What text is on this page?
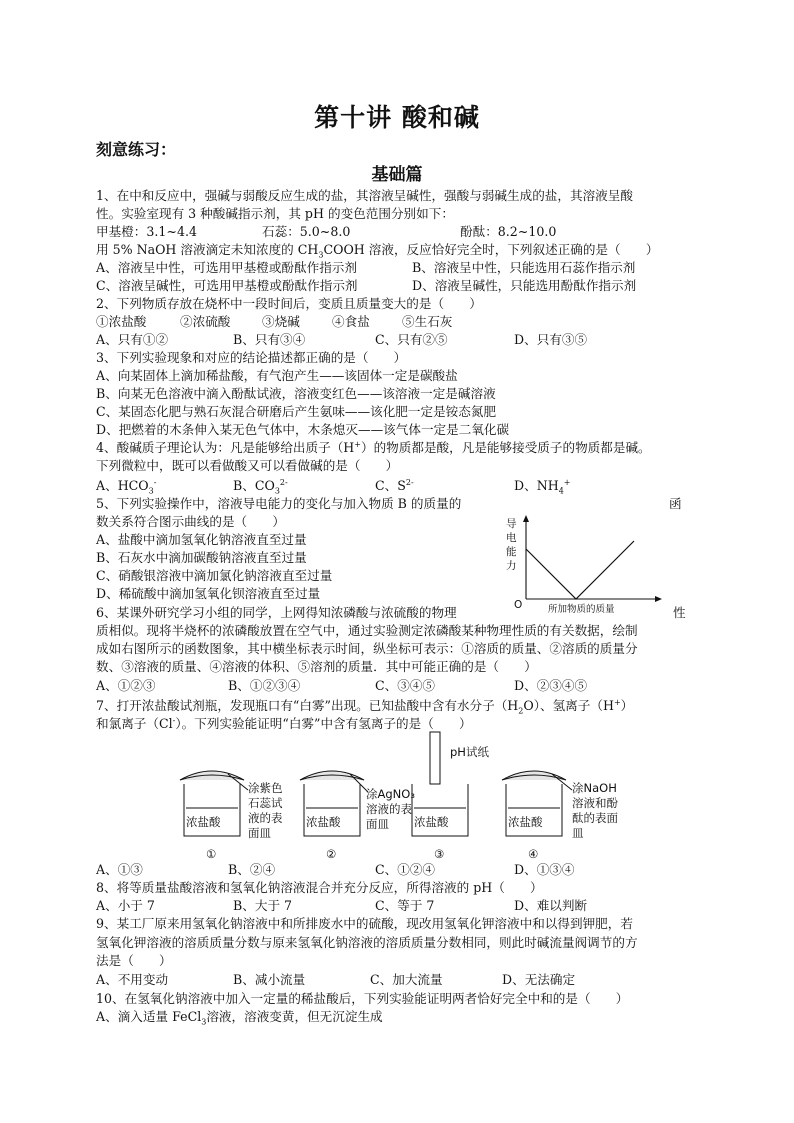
第十讲 酸和碱
刻意练习：
基础篇
1、在中和反应中，强碱与弱酸反应生成的盐，其溶液呈碱性，强酸与弱碱生成的盐，其溶液呈酸
性。实验室现有 3 种酸碱指示剂，其 pH 的变色范围分别如下：
甲基橙：3.1~4.4	石蕊：5.0~8.0	酚酞：8.2~10.0
用 5% NaOH 溶液滴定未知浓度的 $CH_3COOH$ 溶液，反应恰好完全时，下列叙述正确的是（　　）
A、溶液呈中性，可选用甲基橙或酚酞作指示剂	B、溶液呈中性，只能选用石蕊作指示剂
C、溶液呈碱性，可选用甲基橙或酚酞作指示剂	D、溶液呈碱性，只能选用酚酞作指示剂
2、下列物质存放在烧杯中一段时间后，变质且质量变大的是（　　）
①浓盐酸	②浓硫酸	③烧碱	④食盐	⑤生石灰
A、只有①②	B、只有③④	C、只有②⑤	D、只有③⑤
3、下列实验现象和对应的结论描述都正确的是（　　）
A、向某固体上滴加稀盐酸，有气泡产生——该固体一定是碳酸盐
B、向某无色溶液中滴入酚酞试液，溶液变红色——该溶液一定是碱溶液
C、某固态化肥与熟石灰混合研磨后产生氨味——该化肥一定是铵态氮肥
D、把燃着的木条伸入某无色气体中，木条熄灭——该气体一定是二氧化碳
4、酸碱质子理论认为：凡是能够给出质子（H+）的物质都是酸，凡是能够接受质子的物质都是碱。
下列微粒中，既可以看做酸又可以看做碱的是（　　）
A、$HCO_3^-$	B、$CO_3^{2-}$	C、$S^{2-}$	D、$NH_4^+$
5、下列实验操作中，溶液导电能力的变化与加入物质 B 的质量的	函
数关系符合图示曲线的是（　　）
A、盐酸中滴加氢氧化钠溶液直至过量
B、石灰水中滴加碳酸钠溶液直至过量
C、硝酸银溶液中滴加氯化钠溶液直至过量
D、稀硫酸中滴加氢氧化钡溶液直至过量
导
电
能
力
O	所加物质的质量
6、某课外研究学习小组的同学，上网得知浓磷酸与浓硫酸的物理	性
质相似。现将半烧杯的浓磷酸放置在空气中，通过实验测定浓磷酸某种物理性质的有关数据，绘制
成如右图所示的函数图象，其中横坐标表示时间，纵坐标可表示：①溶质的质量、②溶质的质量分
数、③溶液的质量、④溶液的体积、⑤溶剂的质量．其中可能正确的是（　　）
A、①②③	B、①②③④	C、③④⑤	D、②③④⑤
7、打开浓盐酸试剂瓶，发现瓶口有“白雾”出现。已知盐酸中含有水分子$(H_2O)$、氢离子（H+）
和氯离子（Cl-）。下列实验能证明“白雾”中含有氢离子的是（　　）
浓盐酸	浓盐酸	浓盐酸	浓盐酸
pH试纸
涂紫色
石蕊试
液的表
面皿
涂AgNO₃
溶液的表
面皿
涂NaOH
溶液和酚
酞的表面
皿
①	②	③	④
A、①③	B、②④	C、①②④	D、①③④
8、将等质量盐酸溶液和氢氧化钠溶液混合并充分反应，所得溶液的 pH（　　）
A、小于 7	B、大于 7	C、等于 7	D、难以判断
9、某工厂原来用氢氧化钠溶液中和所排废水中的硫酸，现改用氢氧化钾溶液中和以得到钾肥，若
氢氧化钾溶液的溶质质量分数与原来氢氧化钠溶液的溶质质量分数相同，则此时碱流量阀调节的方
法是（　　）
A、不用变动	B、减小流量	C、加大流量	D、无法确定
10、在氢氧化钠溶液中加入一定量的稀盐酸后，下列实验能证明两者恰好完全中和的是（　　）
A、滴入适量 FeCl$_3$溶液，溶液变黄，但无沉淀生成
